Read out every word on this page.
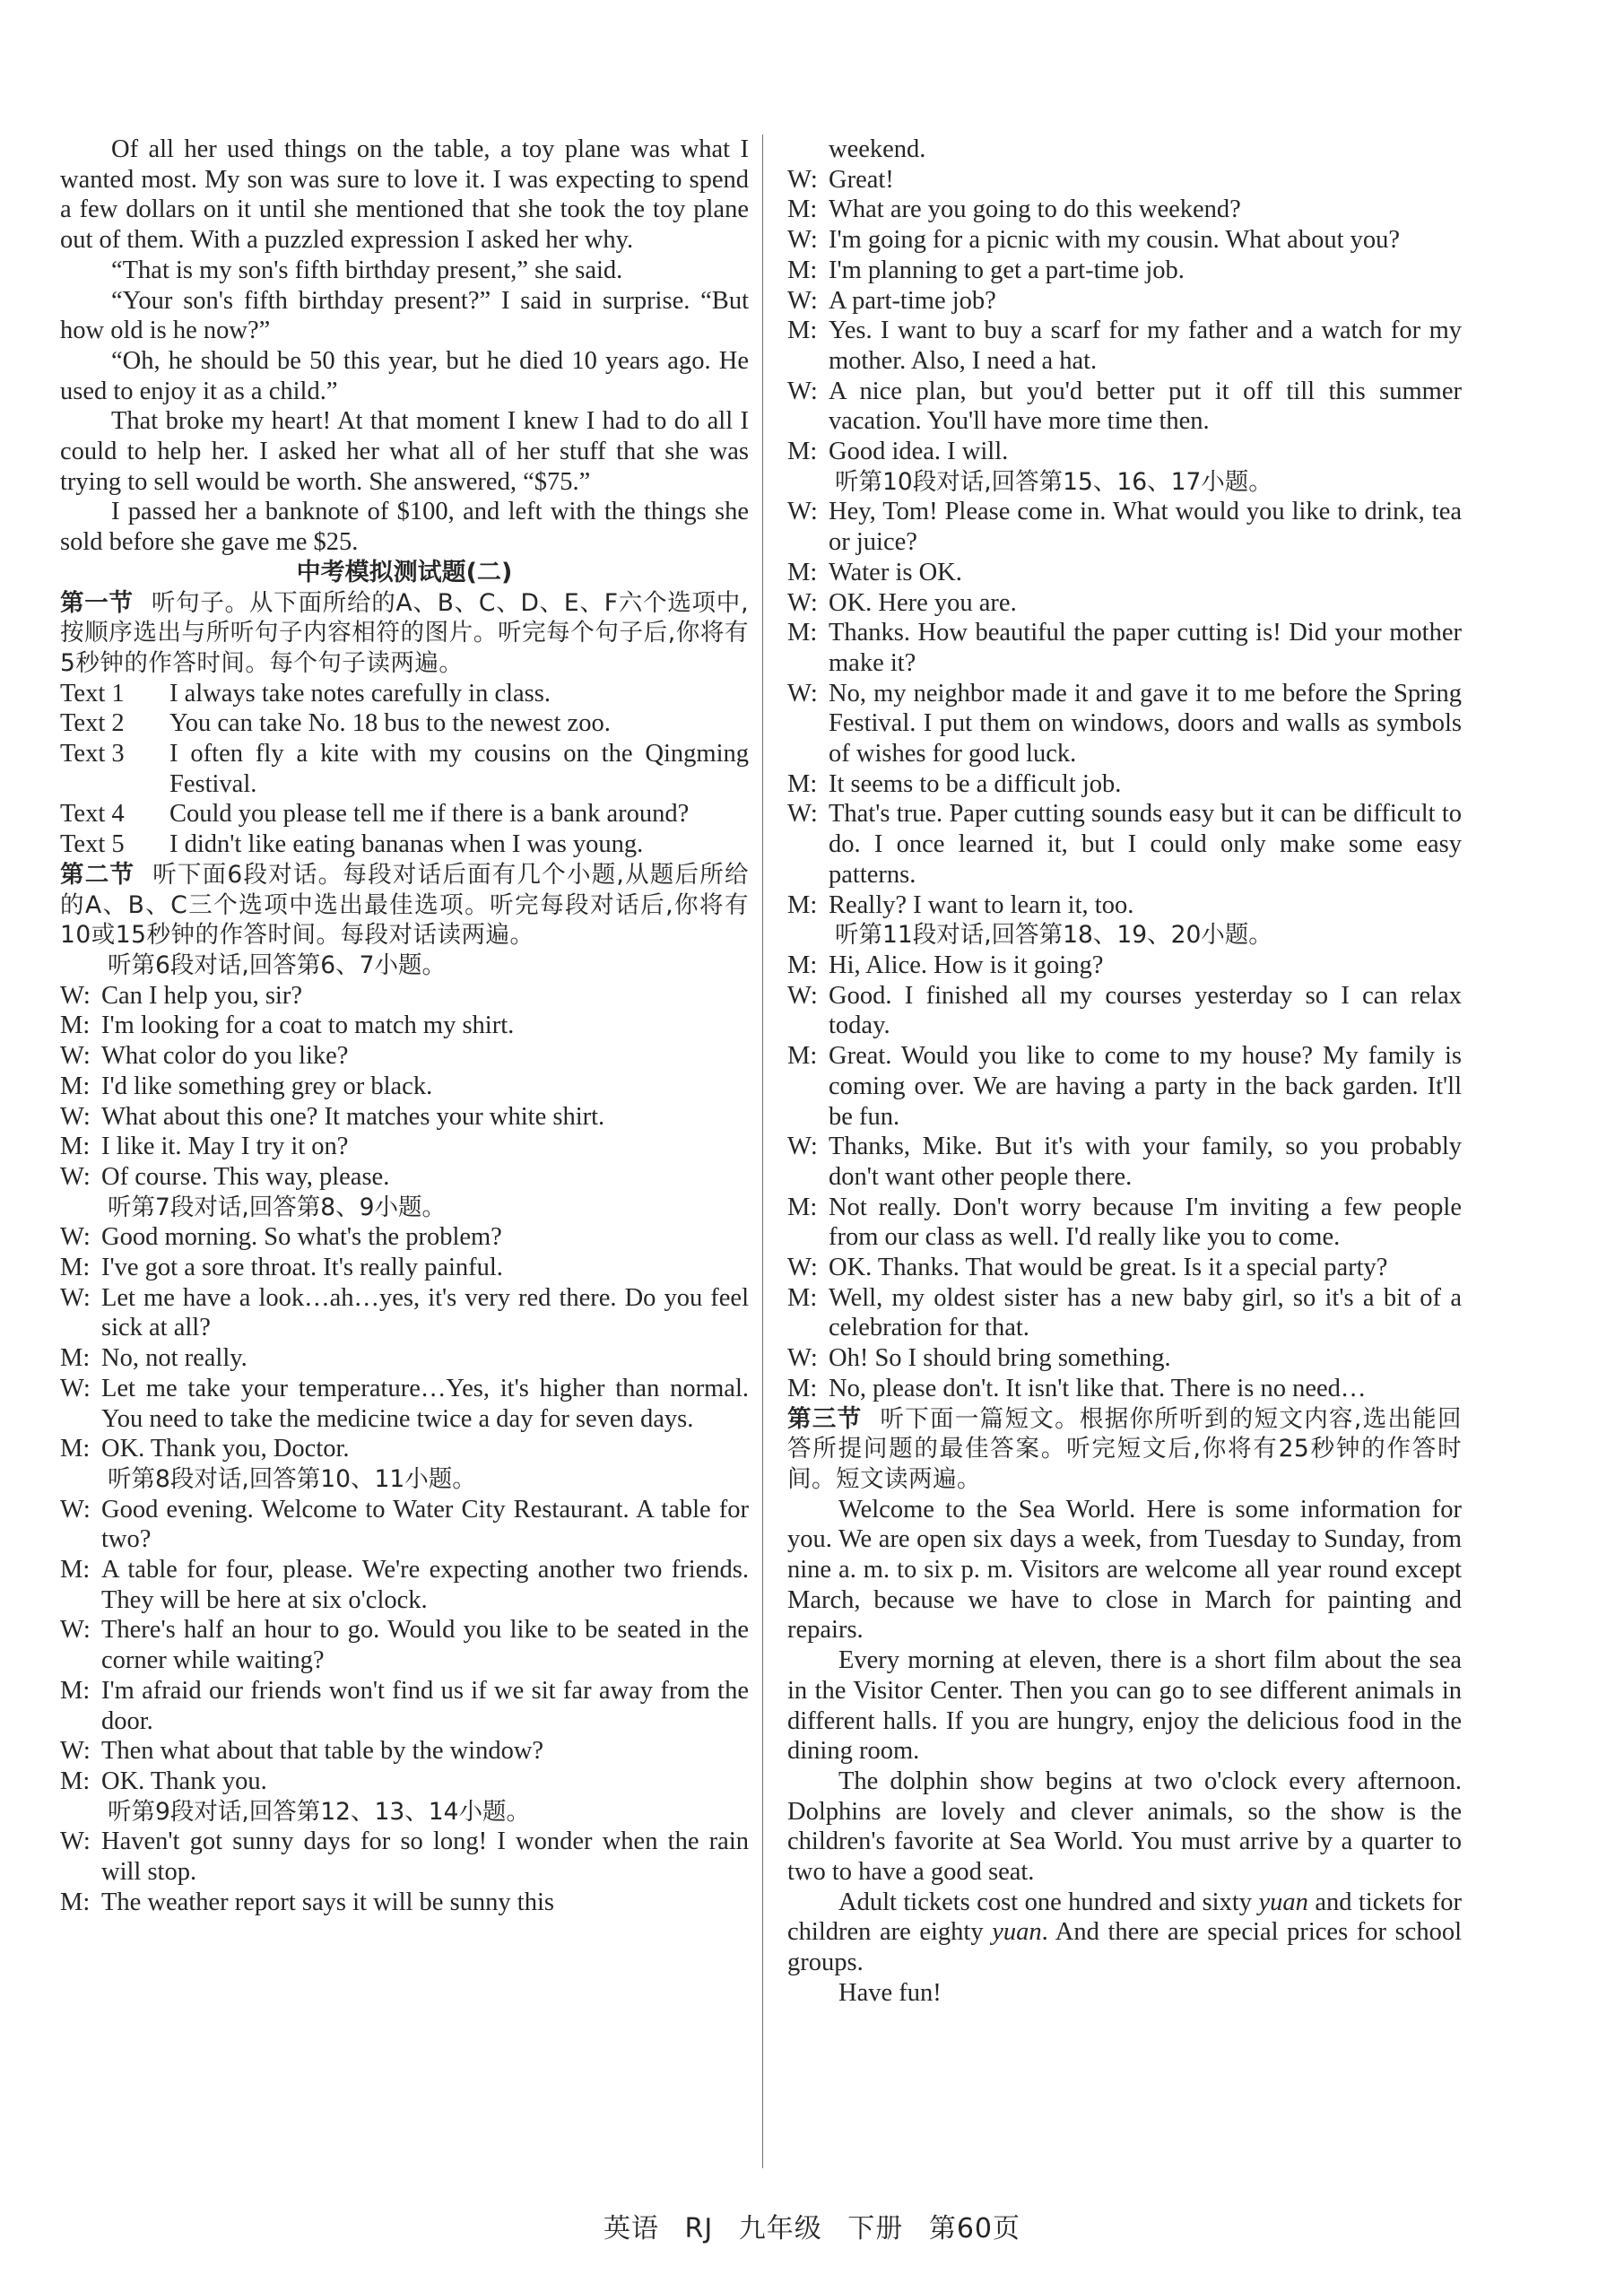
Of all her used things on the table, a toy plane was what I wanted most. My son was sure to love it. I was expecting to spend a few dollars on it until she mentioned that she took the toy plane out of them. With a puzzled expression I asked her why.

“That is my son's fifth birthday present,” she said.

“Your son's fifth birthday present?” I said in surprise. “But how old is he now?”

“Oh, he should be 50 this year, but he died 10 years ago. He used to enjoy it as a child.”

That broke my heart! At that moment I knew I had to do all I could to help her. I asked her what all of her stuff that she was trying to sell would be worth. She answered, “$75.”

I passed her a banknote of $100, and left with the things she sold before she gave me $25.

中考模拟测试题(二)

第一节 听句子。从下面所给的A、B、C、D、E、F六个选项中,按顺序选出与所听句子内容相符的图片。听完每个句子后,你将有5秒钟的作答时间。每个句子读两遍。

Text 1	I always take notes carefully in class.
Text 2	You can take No. 18 bus to the newest zoo.
Text 3	I often fly a kite with my cousins on the Qingming Festival.
Text 4	Could you please tell me if there is a bank around?
Text 5	I didn't like eating bananas when I was young.

第二节 听下面6段对话。每段对话后面有几个小题,从题后所给的A、B、C三个选项中选出最佳选项。听完每段对话后,你将有10或15秒钟的作答时间。每段对话读两遍。

听第6段对话,回答第6、7小题。

W: Can I help you, sir?
M: I'm looking for a coat to match my shirt.
W: What color do you like?
M: I'd like something grey or black.
W: What about this one? It matches your white shirt.
M: I like it. May I try it on?
W: Of course. This way, please.

听第7段对话,回答第8、9小题。

W: Good morning. So what's the problem?
M: I've got a sore throat. It's really painful.
W: Let me have a look…ah…yes, it's very red there. Do you feel sick at all?
M: No, not really.
W: Let me take your temperature…Yes, it's higher than normal. You need to take the medicine twice a day for seven days.
M: OK. Thank you, Doctor.

听第8段对话,回答第10、11小题。

W: Good evening. Welcome to Water City Restaurant. A table for two?
M: A table for four, please. We're expecting another two friends. They will be here at six o'clock.
W: There's half an hour to go. Would you like to be seated in the corner while waiting?
M: I'm afraid our friends won't find us if we sit far away from the door.
W: Then what about that table by the window?
M: OK. Thank you.

听第9段对话,回答第12、13、14小题。

W: Haven't got sunny days for so long! I wonder when the rain will stop.
M: The weather report says it will be sunny this

weekend.

W: Great!
M: What are you going to do this weekend?
W: I'm going for a picnic with my cousin. What about you?
M: I'm planning to get a part-time job.
W: A part-time job?
M: Yes. I want to buy a scarf for my father and a watch for my mother. Also, I need a hat.
W: A nice plan, but you'd better put it off till this summer vacation. You'll have more time then.
M: Good idea. I will.

听第10段对话,回答第15、16、17小题。

W: Hey, Tom! Please come in. What would you like to drink, tea or juice?
M: Water is OK.
W: OK. Here you are.
M: Thanks. How beautiful the paper cutting is! Did your mother make it?
W: No, my neighbor made it and gave it to me before the Spring Festival. I put them on windows, doors and walls as symbols of wishes for good luck.
M: It seems to be a difficult job.
W: That's true. Paper cutting sounds easy but it can be difficult to do. I once learned it, but I could only make some easy patterns.
M: Really? I want to learn it, too.

听第11段对话,回答第18、19、20小题。

M: Hi, Alice. How is it going?
W: Good. I finished all my courses yesterday so I can relax today.
M: Great. Would you like to come to my house? My family is coming over. We are having a party in the back garden. It'll be fun.
W: Thanks, Mike. But it's with your family, so you probably don't want other people there.
M: Not really. Don't worry because I'm inviting a few people from our class as well. I'd really like you to come.
W: OK. Thanks. That would be great. Is it a special party?
M: Well, my oldest sister has a new baby girl, so it's a bit of a celebration for that.
W: Oh! So I should bring something.
M: No, please don't. It isn't like that. There is no need…

第三节 听下面一篇短文。根据你所听到的短文内容,选出能回答所提问题的最佳答案。听完短文后,你将有25秒钟的作答时间。短文读两遍。

Welcome to the Sea World. Here is some information for you. We are open six days a week, from Tuesday to Sunday, from nine a. m. to six p. m. Visitors are welcome all year round except March, because we have to close in March for painting and repairs.

Every morning at eleven, there is a short film about the sea in the Visitor Center. Then you can go to see different animals in different halls. If you are hungry, enjoy the delicious food in the dining room.

The dolphin show begins at two o'clock every afternoon. Dolphins are lovely and clever animals, so the show is the children's favorite at Sea World. You must arrive by a quarter to two to have a good seat.

Adult tickets cost one hundred and sixty yuan and tickets for children are eighty yuan. And there are special prices for school groups.

Have fun!

英语 RJ 九年级 下册 第60页
